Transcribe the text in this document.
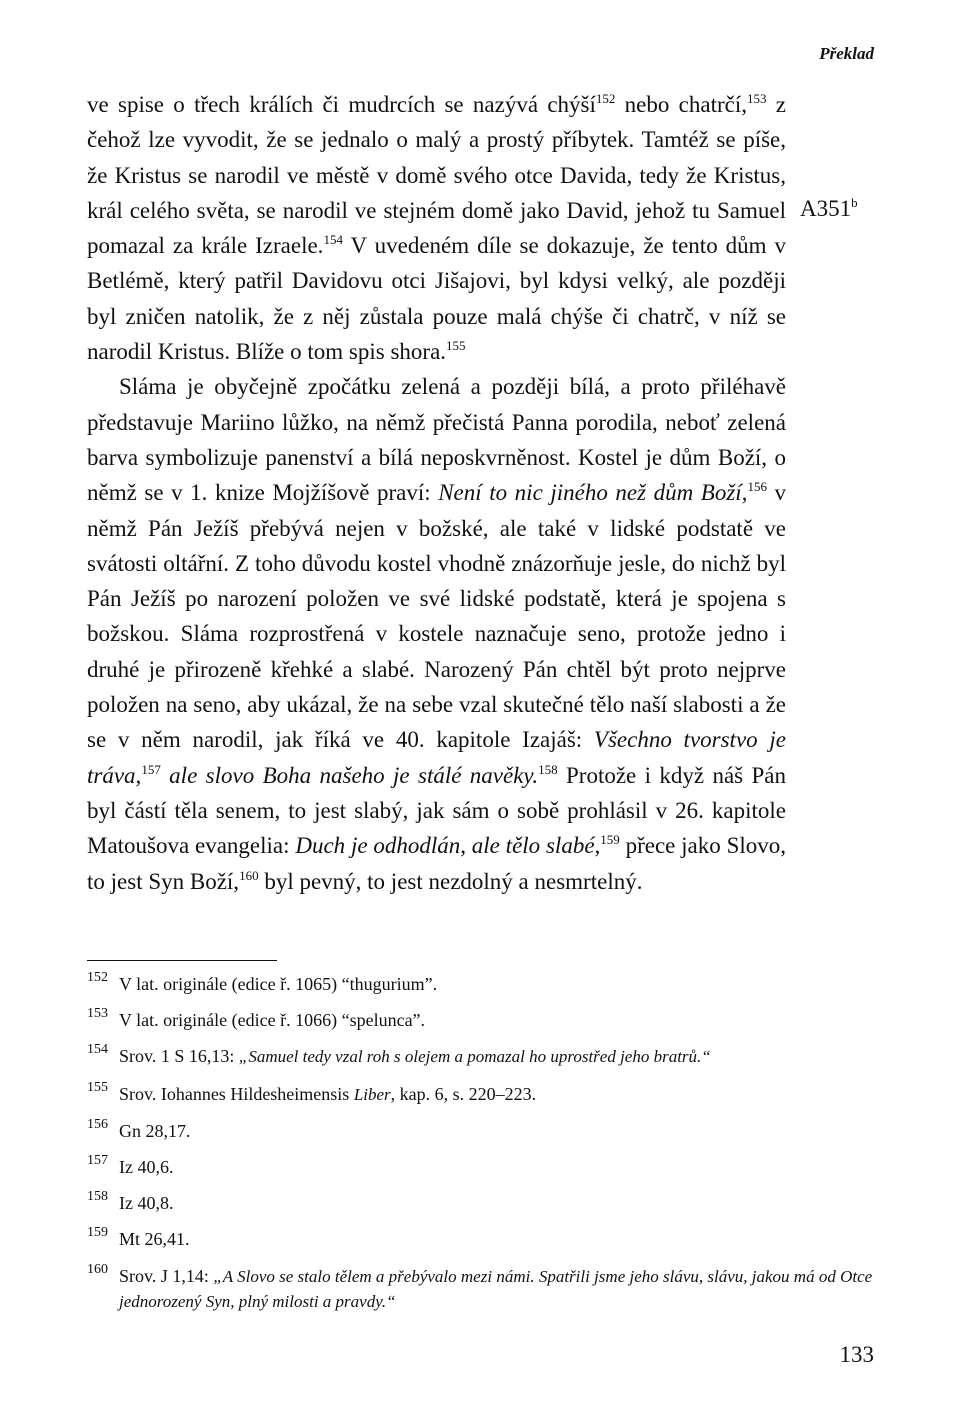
Překlad
A351$^b$

ve spise o třech králích či mudrcích se nazývá chýší$^{152}$ nebo chatrčí,$^{153}$ z čehož lze vyvodit, že se jednalo o malý a prostý příbytek. Tamtéž se píše, že Kristus se narodil ve městě v domě svého otce Davida, tedy že Kristus, král celého světa, se narodil ve stejném domě jako David, jehož tu Samuel pomazal za krále Izraele.$^{154}$ V uvedeném díle se dokazuje, že tento dům v Betlémě, který patřil Davidovu otci Jišajovi, byl kdysi velký, ale později byl zničen natolik, že z něj zůstala pouze malá chýše či chatrč, v níž se narodil Kristus. Blíže o tom spis shora.$^{155}$

Sláma je obyčejně zpočátku zelená a později bílá, a proto přiléhavě představuje Mariino lůžko, na němž přečistá Panna porodila, neboť zelená barva symbolizuje panenství a bílá neposkvrněnost. Kostel je dům Boží, o němž se v 1. knize Mojžíšově praví: Není to nic jiného než dům Boží,$^{156}$ v němž Pán Ježíš přebývá nejen v božské, ale také v lidské podstatě ve svátosti oltářní. Z toho důvodu kostel vhodně znázorňuje jesle, do nichž byl Pán Ježíš po narození položen ve své lidské podstatě, která je spojena s božskou. Sláma rozprostřená v kostele naznačuje seno, protože jedno i druhé je přirozeně křehké a slabé. Narozený Pán chtěl být proto nejprve položen na seno, aby ukázal, že na sebe vzal skutečné tělo naší slabosti a že se v něm narodil, jak říká ve 40. kapitole Izajáš: Všechno tvorstvo je tráva,$^{157}$ ale slovo Boha našeho je stálé navěky.$^{158}$ Protože i když náš Pán byl částí těla senem, to jest slabý, jak sám o sobě prohlásil v 26. kapitole Matoušova evangelia: Duch je odhodlán, ale tělo slabé,$^{159}$ přece jako Slovo, to jest Syn Boží,$^{160}$ byl pevný, to jest nezdolný a nesmrtelný.

152 V lat. originále (edice ř. 1065) “thugurium”.
153 V lat. originále (edice ř. 1066) “spelunca”.
154 Srov. 1 S 16,13: „Samuel tedy vzal roh s olejem a pomazal ho uprostřed jeho bratrů.“
155 Srov. Iohannes Hildesheimensis Liber, kap. 6, s. 220–223.
156 Gn 28,17.
157 Iz 40,6.
158 Iz 40,8.
159 Mt 26,41.
160 Srov. J 1,14: „A Slovo se stalo tělem a přebývalo mezi námi. Spatřili jsme jeho slávu, slávu, jakou má od Otce jednorozený Syn, plný milosti a pravdy.“
133
